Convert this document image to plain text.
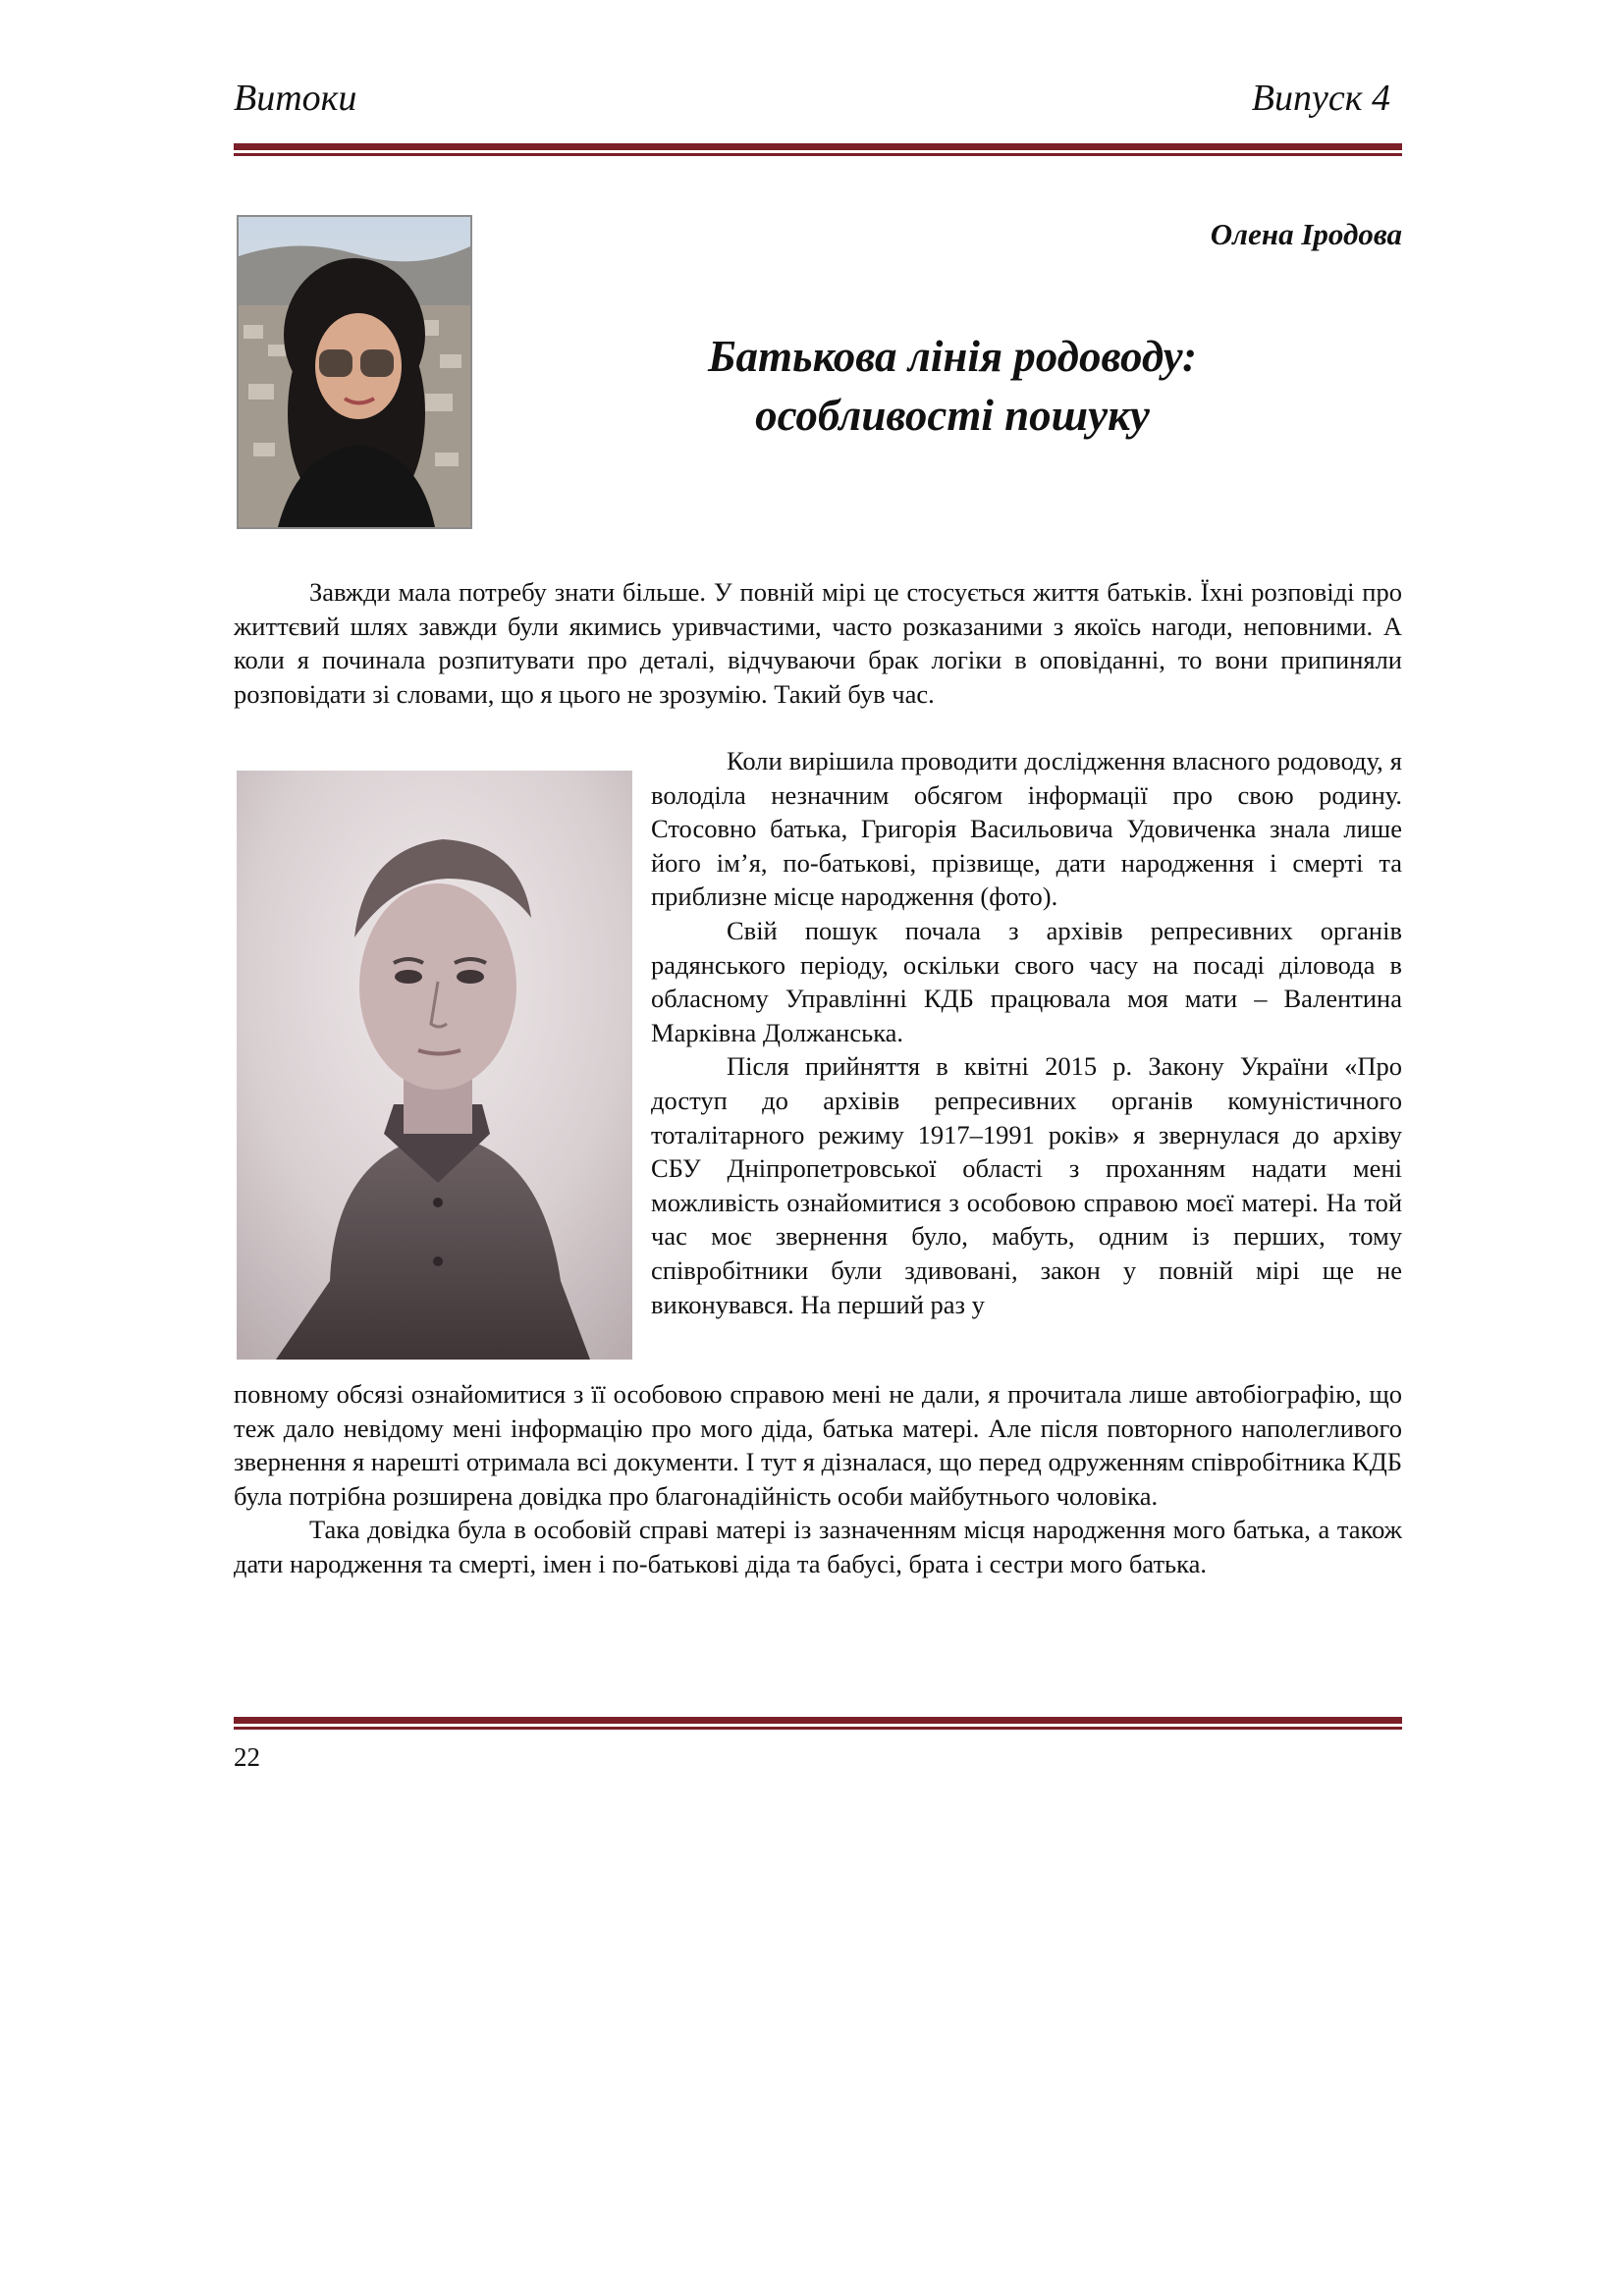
Витоки	Випуск 4
Олена Іродова
Батькова лінія родоводу:
особливості пошуку

Завжди мала потребу знати більше. У повній мірі це стосується життя батьків. Їхні розповіді про життєвий шлях завжди були якимись уривчастими, часто розказаними з якоїсь нагоди, неповними. А коли я починала розпитувати про деталі, відчуваючи брак логіки в оповіданні, то вони припиняли розповідати зі словами, що я цього не зрозумію. Такий був час.

Коли вирішила проводити дослідження власного родоводу, я володіла незначним обсягом інформації про свою родину. Стосовно батька, Григорія Васильовича Удовиченка знала лише його ім’я, по-батькові, прізвище, дати народження і смерті та приблизне місце народження (фото).

Свій пошук почала з архівів репресивних органів радянського періоду, оскільки свого часу на посаді діловода в обласному Управлінні КДБ працювала моя мати – Валентина Марківна Должанська.

Після прийняття в квітні 2015 р. Закону України «Про доступ до архівів репресивних органів комуністичного тоталітарного режиму 1917–1991 років» я звернулася до архіву СБУ Дніпропетровської області з проханням надати мені можливість ознайомитися з особовою справою моєї матері. На той час моє звернення було, мабуть, одним із перших, тому співробітники були здивовані, закон у повній мірі ще не виконувався. На перший раз у

повному обсязі ознайомитися з її особовою справою мені не дали, я прочитала лише автобіографію, що теж дало невідому мені інформацію про мого діда, батька матері. Але після повторного наполегливого звернення я нарешті отримала всі документи. І тут я дізналася, що перед одруженням співробітника КДБ була потрібна розширена довідка про благонадійність особи майбутнього чоловіка.

Така довідка була в особовій справі матері із зазначенням місця народження мого батька, а також дати народження та смерті, імен і по-батькові діда та бабусі, брата і сестри мого батька.

22
